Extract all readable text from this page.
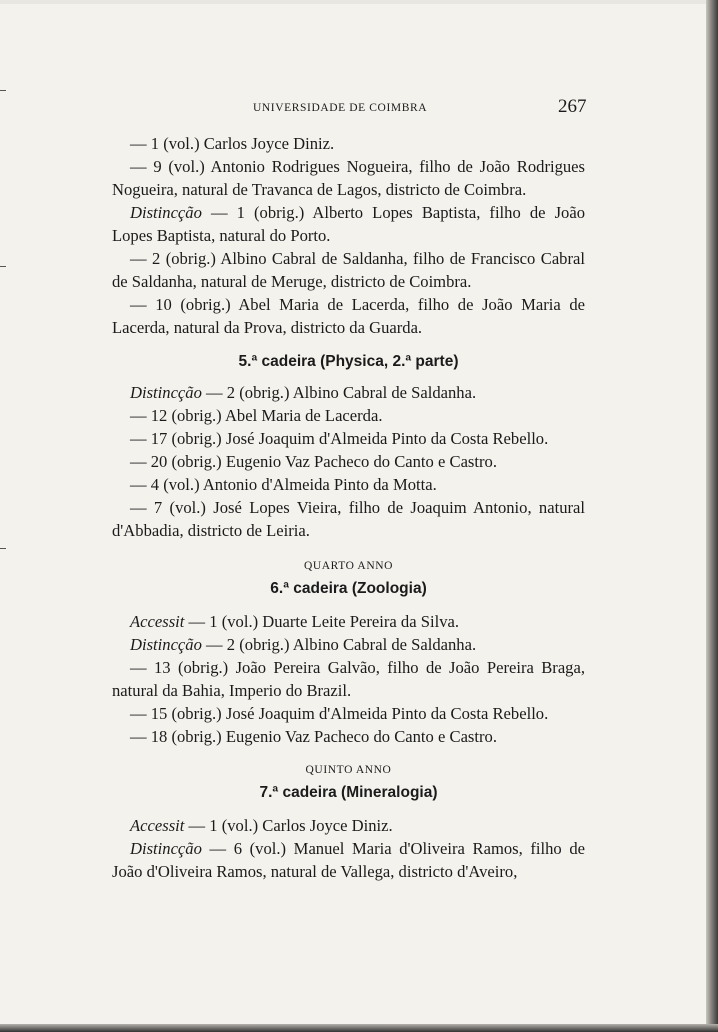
UNIVERSIDADE DE COIMBRA	267

— 1 (vol.) Carlos Joyce Diniz.

— 9 (vol.) Antonio Rodrigues Nogueira, filho de João Rodrigues Nogueira, natural de Travanca de Lagos, districto de Coimbra.

Distincção — 1 (obrig.) Alberto Lopes Baptista, filho de João Lopes Baptista, natural do Porto.

— 2 (obrig.) Albino Cabral de Saldanha, filho de Francisco Cabral de Saldanha, natural de Meruge, districto de Coimbra.

— 10 (obrig.) Abel Maria de Lacerda, filho de João Maria de Lacerda, natural da Prova, districto da Guarda.

5.ª cadeira (Physica, 2.ª parte)

Distincção — 2 (obrig.) Albino Cabral de Saldanha.

— 12 (obrig.) Abel Maria de Lacerda.

— 17 (obrig.) José Joaquim d'Almeida Pinto da Costa Rebello.

— 20 (obrig.) Eugenio Vaz Pacheco do Canto e Castro.

— 4 (vol.) Antonio d'Almeida Pinto da Motta.

— 7 (vol.) José Lopes Vieira, filho de Joaquim Antonio, natural d'Abbadia, districto de Leiria.

QUARTO ANNO

6.ª cadeira (Zoologia)

Accessit — 1 (vol.) Duarte Leite Pereira da Silva.

Distincção — 2 (obrig.) Albino Cabral de Saldanha.

— 13 (obrig.) João Pereira Galvão, filho de João Pereira Braga, natural da Bahia, Imperio do Brazil.

— 15 (obrig.) José Joaquim d'Almeida Pinto da Costa Rebello.

— 18 (obrig.) Eugenio Vaz Pacheco do Canto e Castro.

QUINTO ANNO

7.ª cadeira (Mineralogia)

Accessit — 1 (vol.) Carlos Joyce Diniz.

Distincção — 6 (vol.) Manuel Maria d'Oliveira Ramos, filho de João d'Oliveira Ramos, natural de Vallega, districto d'Aveiro,
